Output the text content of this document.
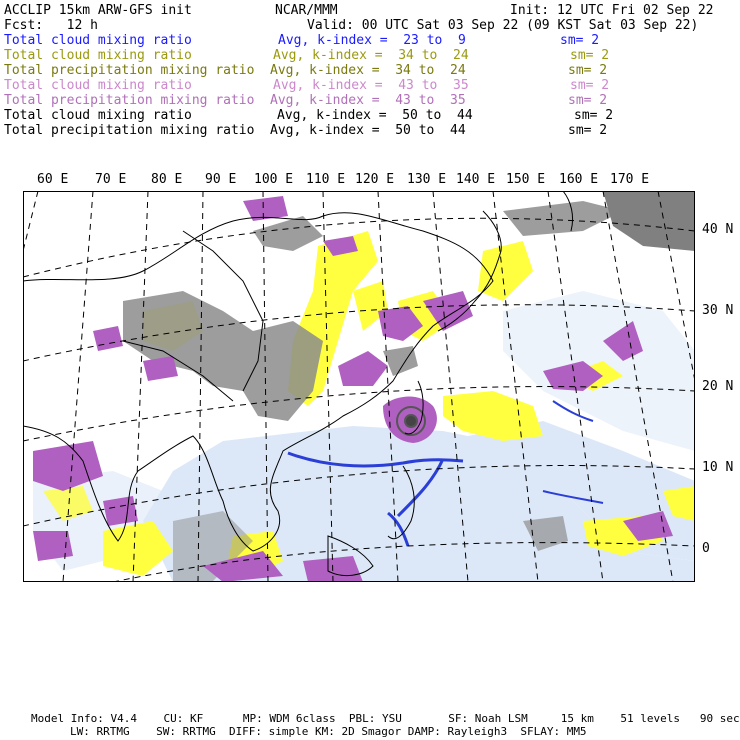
ACCLIP 15km ARW-GFS init	NCAR/MMM	Init: 12 UTC Fri 02 Sep 22
Fcst:   12 h	Valid: 00 UTC Sat 03 Sep 22 (09 KST Sat 03 Sep 22)
Total cloud mixing ratio	Avg, k-index =  23 to  9	sm= 2
Total cloud mixing ratio	Avg, k-index =  34 to  24	sm= 2
Total precipitation mixing ratio Avg, k-index =  34 to  24	sm= 2
Total cloud mixing ratio	Avg, k-index =  43 to  35	sm= 2
Total precipitation mixing ratio Avg, k-index =  43 to  35	sm= 2
Total cloud mixing ratio	Avg, k-index =  50 to  44	sm= 2
Total precipitation mixing ratio Avg, k-index =  50 to  44	sm= 2
60 E 70 E 80 E 90 E 100 E 110 E 120 E 130 E 140 E 150 E 160 E 170 E
40 N
30 N
20 N
10 N
0
Model Info: V4.4    CU: KF      MP: WDM 6class  PBL: YSU       SF: Noah LSM     15 km    51 levels   90 sec
LW: RRTMG    SW: RRTMG  DIFF: simple KM: 2D Smagor DAMP: Rayleigh3  SFLAY: MM5
